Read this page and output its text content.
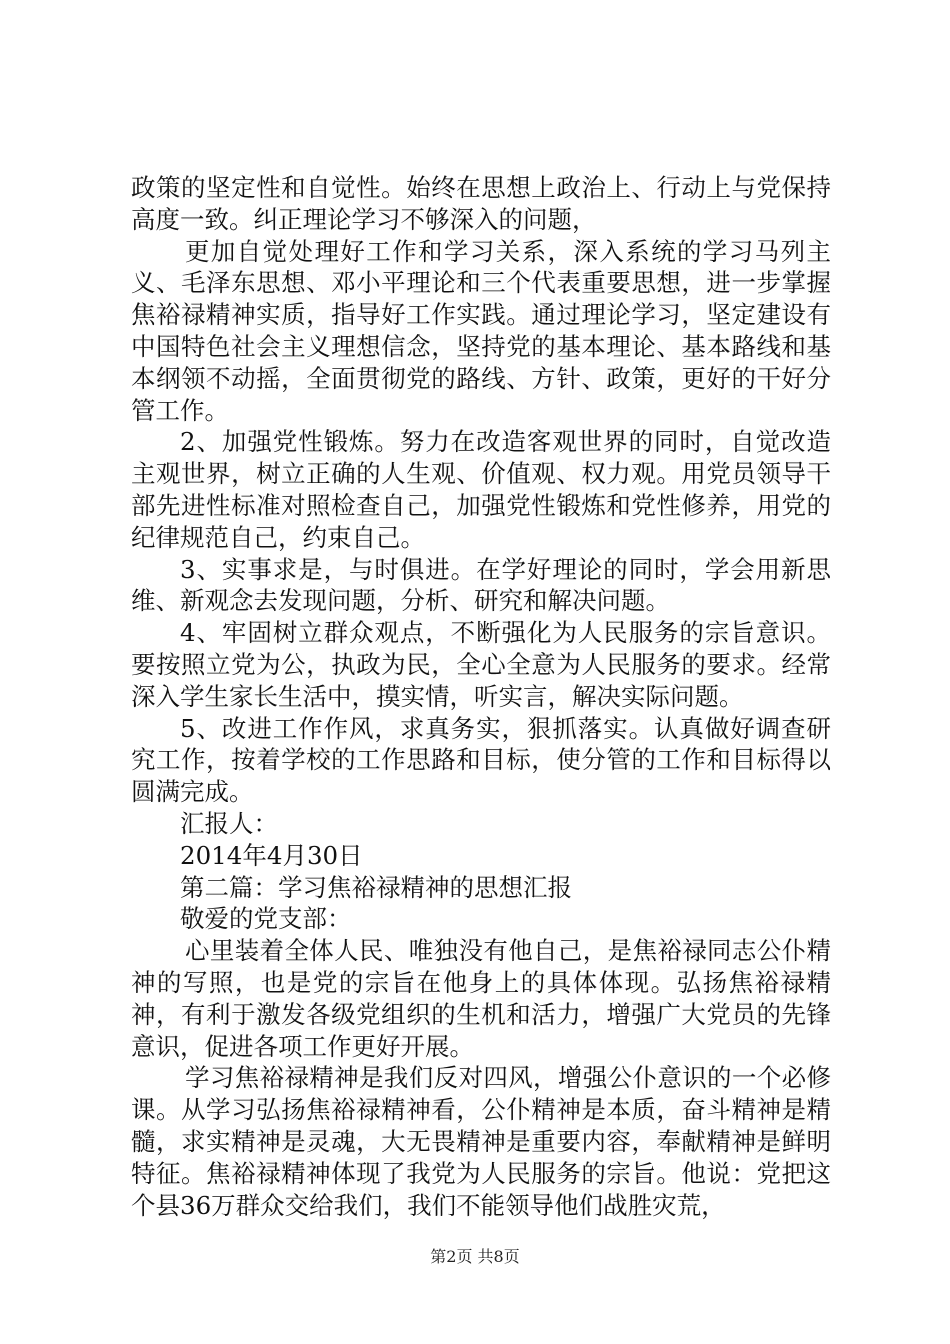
政策的坚定性和自觉性。始终在思想上政治上、行动上与党保持高度一致。纠正理论学习不够深入的问题，

更加自觉处理好工作和学习关系，深入系统的学习马列主义、毛泽东思想、邓小平理论和三个代表重要思想，进一步掌握焦裕禄精神实质，指导好工作实践。通过理论学习，坚定建设有中国特色社会主义理想信念，坚持党的基本理论、基本路线和基本纲领不动摇，全面贯彻党的路线、方针、政策，更好的干好分管工作。

2、加强党性锻炼。努力在改造客观世界的同时，自觉改造主观世界，树立正确的人生观、价值观、权力观。用党员领导干部先进性标准对照检查自己，加强党性锻炼和党性修养，用党的纪律规范自己，约束自己。

3、实事求是，与时俱进。在学好理论的同时，学会用新思维、新观念去发现问题，分析、研究和解决问题。

4、牢固树立群众观点，不断强化为人民服务的宗旨意识。要按照立党为公，执政为民，全心全意为人民服务的要求。经常深入学生家长生活中，摸实情，听实言，解决实际问题。

5、改进工作作风，求真务实，狠抓落实。认真做好调查研究工作，按着学校的工作思路和目标，使分管的工作和目标得以圆满完成。

汇报人：

2014年4月30日

第二篇：学习焦裕禄精神的思想汇报

敬爱的党支部：

心里装着全体人民、唯独没有他自己，是焦裕禄同志公仆精神的写照，也是党的宗旨在他身上的具体体现。弘扬焦裕禄精神，有利于激发各级党组织的生机和活力，增强广大党员的先锋意识，促进各项工作更好开展。

学习焦裕禄精神是我们反对四风，增强公仆意识的一个必修课。从学习弘扬焦裕禄精神看，公仆精神是本质，奋斗精神是精髓，求实精神是灵魂，大无畏精神是重要内容，奉献精神是鲜明特征。焦裕禄精神体现了我党为人民服务的宗旨。他说：党把这个县36万群众交给我们，我们不能领导他们战胜灾荒，

第2页 共8页
